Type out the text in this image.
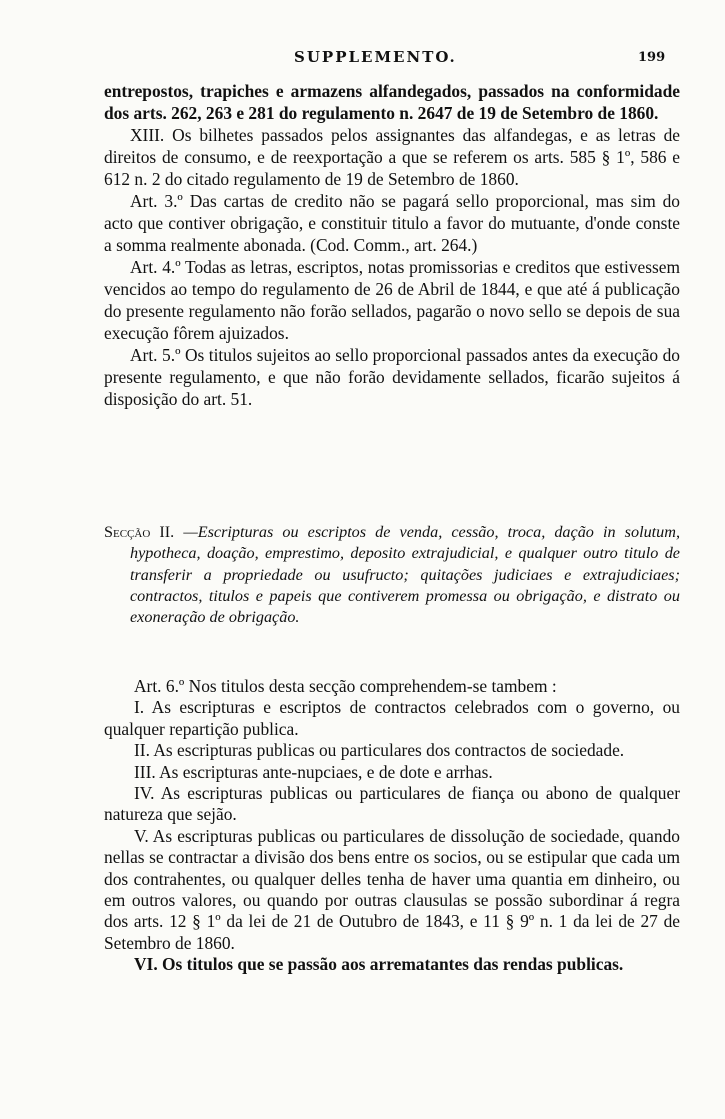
SUPPLEMENTO.	199

entrepostos, trapiches e armazens alfandegados, passados na conformidade dos arts. 262, 263 e 281 do regulamento n. 2647 de 19 de Setembro de 1860.

XIII. Os bilhetes passados pelos assignantes das alfandegas, e as letras de direitos de consumo, e de reexportação a que se referem os arts. 585 § 1º, 586 e 612 n. 2 do citado regulamento de 19 de Setembro de 1860.

Art. 3.º Das cartas de credito não se pagará sello proporcional, mas sim do acto que contiver obrigação, e constituir titulo a favor do mutuante, d'onde conste a somma realmente abonada. (Cod. Comm., art. 264.)

Art. 4.º Todas as letras, escriptos, notas promissorias e creditos que estivessem vencidos ao tempo do regulamento de 26 de Abril de 1844, e que até á publicação do presente regulamento não forão sellados, pagarão o novo sello se depois de sua execução fôrem ajuizados.

Art. 5.º Os titulos sujeitos ao sello proporcional passados antes da execução do presente regulamento, e que não forão devidamente sellados, ficarão sujeitos á disposição do art. 51.

Secção II. —Escripturas ou escriptos de venda, cessão, troca, dação in solutum, hypotheca, doação, emprestimo, deposito extrajudicial, e qualquer outro titulo de transferir a propriedade ou usufructo; quitações judiciaes e extrajudiciaes; contractos, titulos e papeis que contiverem promessa ou obrigação, e distrato ou exoneração de obrigação.

Art. 6.º Nos titulos desta secção comprehendem-se tambem :

I. As escripturas e escriptos de contractos celebrados com o governo, ou qualquer repartição publica.

II. As escripturas publicas ou particulares dos contractos de sociedade.

III. As escripturas ante-nupciaes, e de dote e arrhas.

IV. As escripturas publicas ou particulares de fiança ou abono de qualquer natureza que sejão.

V. As escripturas publicas ou particulares de dissolução de sociedade, quando nellas se contractar a divisão dos bens entre os socios, ou se estipular que cada um dos contrahentes, ou qualquer delles tenha de haver uma quantia em dinheiro, ou em outros valores, ou quando por outras clausulas se possão subordinar á regra dos arts. 12 § 1º da lei de 21 de Outubro de 1843, e 11 § 9º n. 1 da lei de 27 de Setembro de 1860.

VI. Os titulos que se passão aos arrematantes das rendas publicas.
